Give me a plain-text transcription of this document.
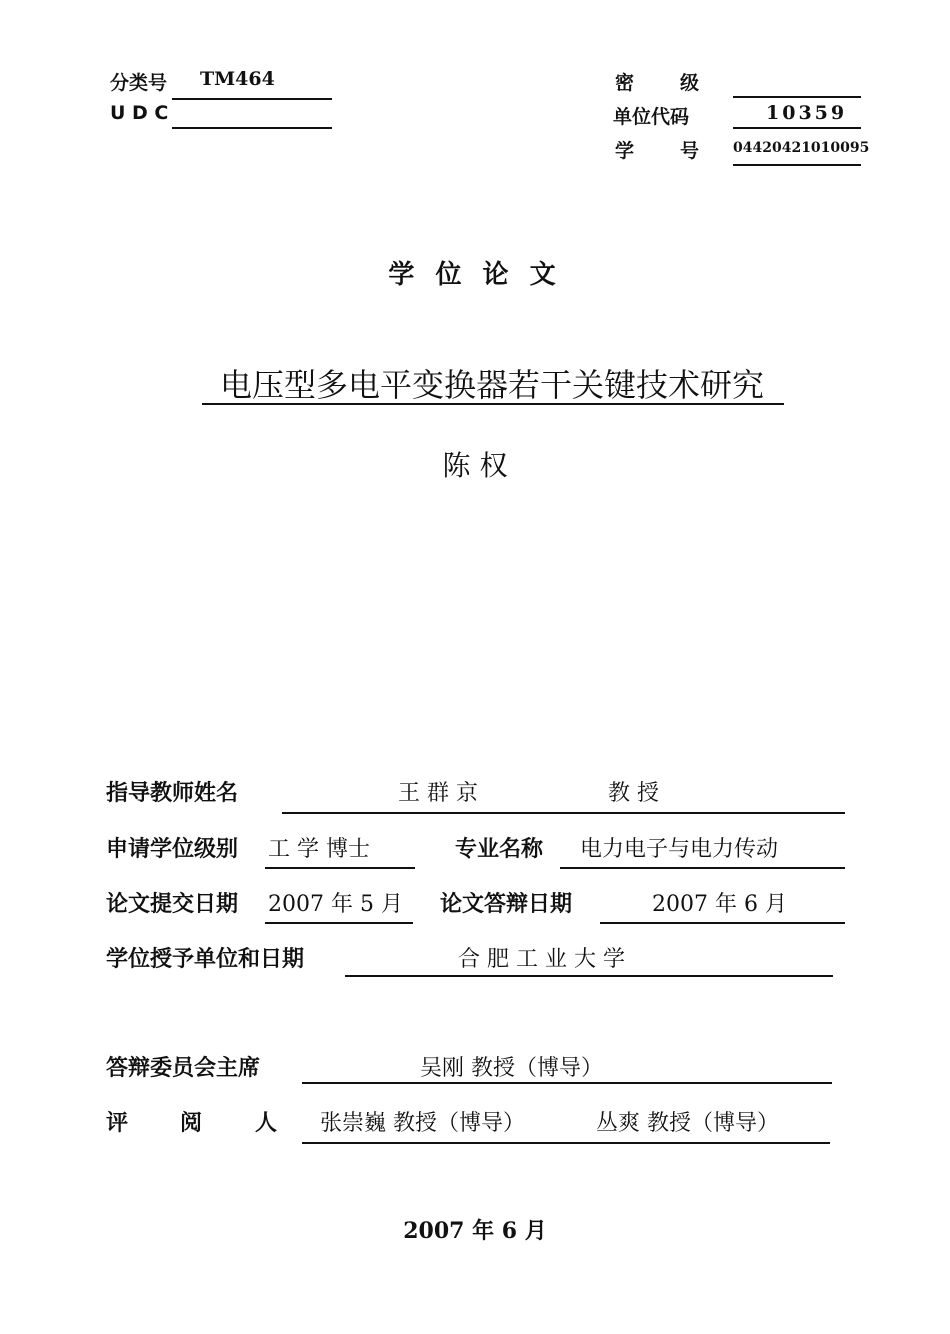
分类号 TM464
U D C
密 级
单位代码	10359
学 号 04420421010095
学 位 论 文
电压型多电平变换器若干关键技术研究
陈 权
指导教师姓名	王 群 京	教 授
申请学位级别 工 学 博士	专业名称 电力电子与电力传动
论文提交日期 2007 年 5 月 论文答辩日期	2007 年 6 月
学位授予单位和日期	合 肥 工 业 大 学
答辩委员会主席	吴刚 教授（博导）
评 阅 人 张崇巍 教授（博导）	丛爽 教授（博导）
2007 年 6 月
